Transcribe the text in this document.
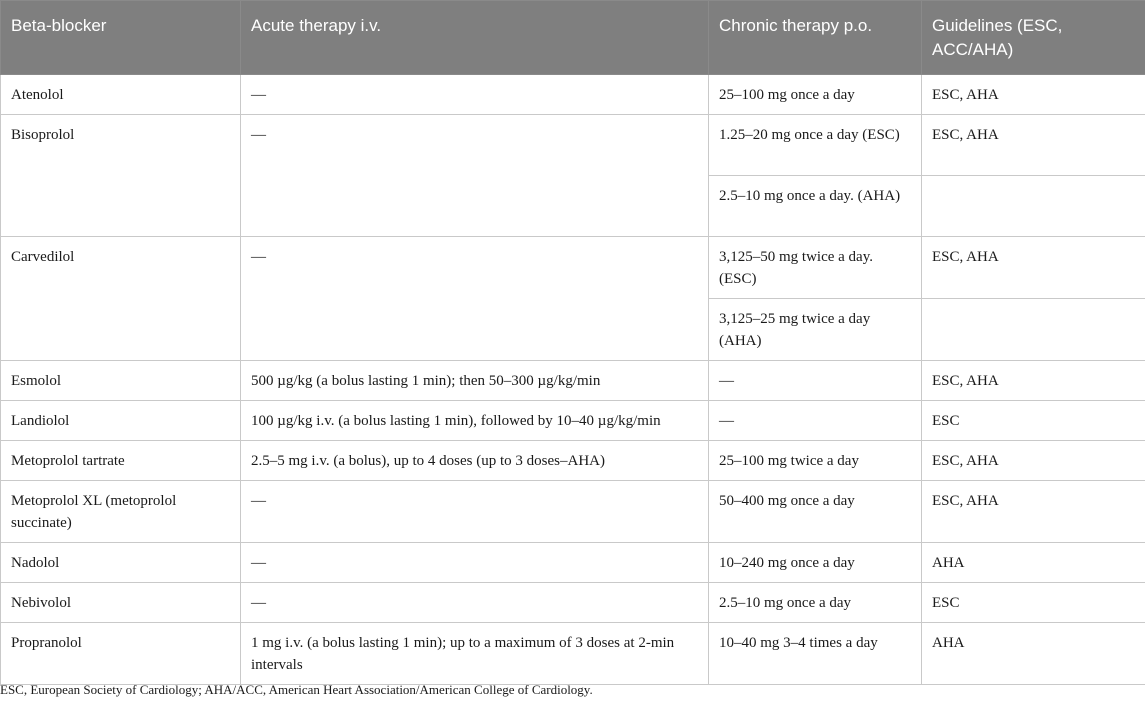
Beta-blocker	Acute therapy i.v.	Chronic therapy p.o.	Guidelines (ESC, ACC/AHA)
Atenolol	—	25–100 mg once a day	ESC, AHA
Bisoprolol	—	1.25–20 mg once a day (ESC)	ESC, AHA
		2.5–10 mg once a day. (AHA)	
Carvedilol	—	3,125–50 mg twice a day. (ESC)	ESC, AHA
		3,125–25 mg twice a day (AHA)	
Esmolol	500 µg/kg (a bolus lasting 1 min); then 50–300 µg/kg/min	—	ESC, AHA
Landiolol	100 µg/kg i.v. (a bolus lasting 1 min), followed by 10–40 µg/kg/min	—	ESC
Metoprolol tartrate	2.5–5 mg i.v. (a bolus), up to 4 doses (up to 3 doses–AHA)	25–100 mg twice a day	ESC, AHA
Metoprolol XL (metoprolol succinate)	—	50–400 mg once a day	ESC, AHA
Nadolol	—	10–240 mg once a day	AHA
Nebivolol	—	2.5–10 mg once a day	ESC
Propranolol	1 mg i.v. (a bolus lasting 1 min); up to a maximum of 3 doses at 2-min intervals	10–40 mg 3–4 times a day	AHA
ESC, European Society of Cardiology; AHA/ACC, American Heart Association/American College of Cardiology.
